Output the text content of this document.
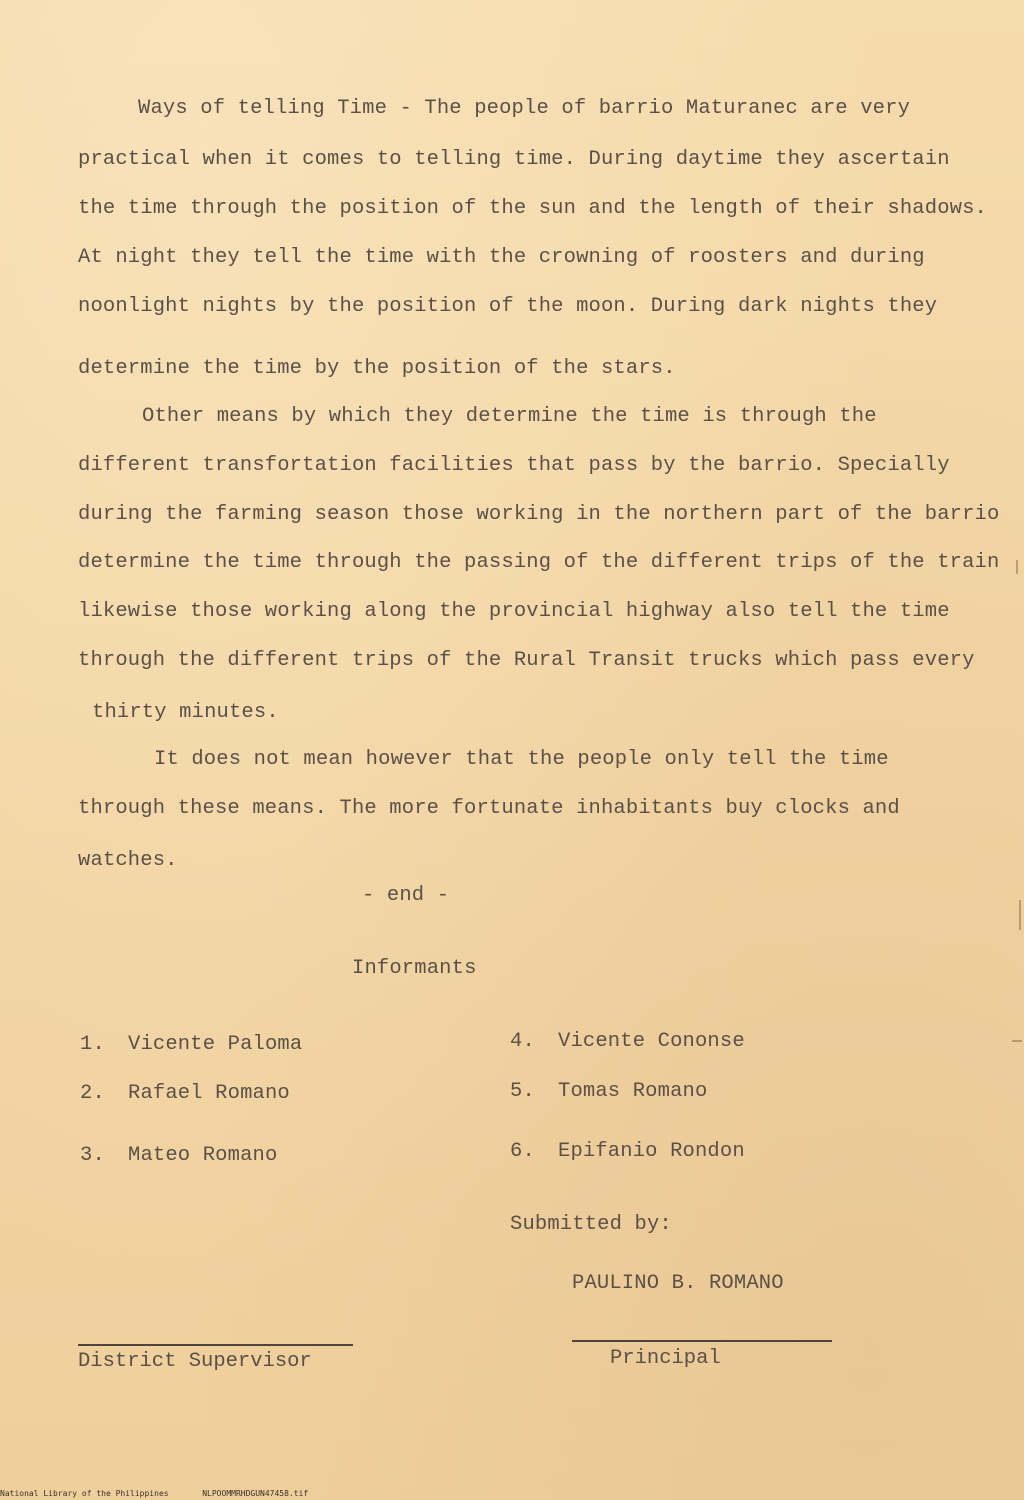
Ways of telling Time - The people of barrio Maturanec are very
practical when it comes to telling time. During daytime they ascertain
the time through the position of the sun and the length of their shadows.
At night they tell the time with the crowning of roosters and during
noonlight nights by the position of the moon. During dark nights they
determine the time by the position of the stars.
Other means by which they determine the time is through the
different transfortation facilities that pass by the barrio. Specially
during the farming season those working in the northern part of the barrio
determine the time through the passing of the different trips of the train
likewise those working along the provincial highway also tell the time
through the different trips of the Rural Transit trucks which pass every
thirty minutes.
It does not mean however that the people only tell the time
through these means. The more fortunate inhabitants buy clocks and
watches.
- end -
Informants
1. Vicente Paloma
2. Rafael Romano
3. Mateo Romano
4. Vicente Cononse
5. Tomas Romano
6. Epifanio Rondon
Submitted by:
PAULINO B. ROMANO
District Supervisor	Principal
National Library of the Philippines	NLPOOMMRHDGUN47458.tif
